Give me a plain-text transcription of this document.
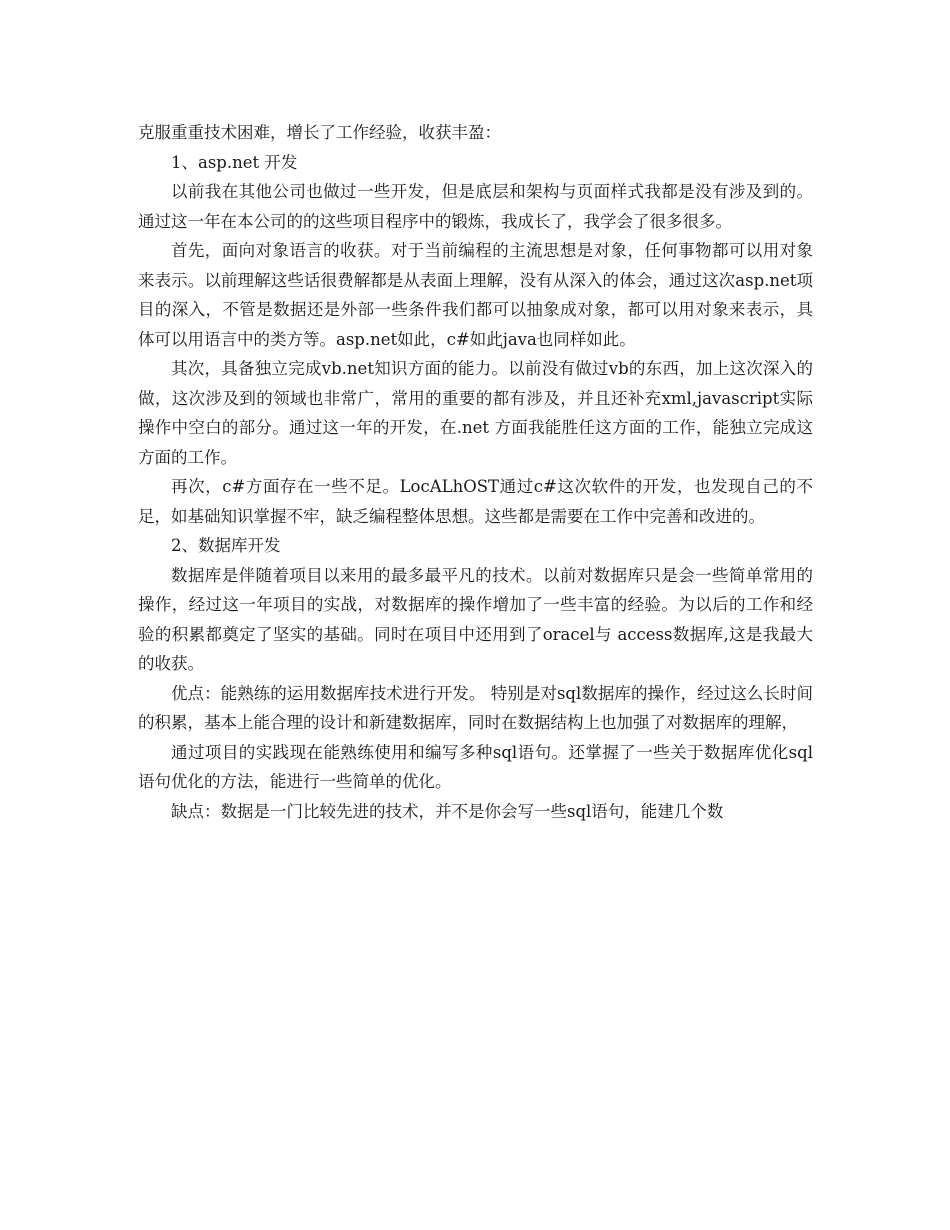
克服重重技术困难，增长了工作经验，收获丰盈：

1、asp.net 开发

以前我在其他公司也做过一些开发，但是底层和架构与页面样式我都是没有涉及到的。通过这一年在本公司的的这些项目程序中的锻炼，我成长了，我学会了很多很多。

首先，面向对象语言的收获。对于当前编程的主流思想是对象，任何事物都可以用对象来表示。以前理解这些话很费解都是从表面上理解，没有从深入的体会，通过这次asp.net项目的深入，不管是数据还是外部一些条件我们都可以抽象成对象，都可以用对象来表示，具体可以用语言中的类方等。asp.net如此，c#如此java也同样如此。

其次，具备独立完成vb.net知识方面的能力。以前没有做过vb的东西，加上这次深入的做，这次涉及到的领域也非常广，常用的重要的都有涉及，并且还补充xml,javascript实际操作中空白的部分。通过这一年的开发，在.net 方面我能胜任这方面的工作，能独立完成这方面的工作。

再次，c#方面存在一些不足。LocALhOST通过c#这次软件的开发，也发现自己的不足，如基础知识掌握不牢，缺乏编程整体思想。这些都是需要在工作中完善和改进的。

2、数据库开发

数据库是伴随着项目以来用的最多最平凡的技术。以前对数据库只是会一些简单常用的操作，经过这一年项目的实战，对数据库的操作增加了一些丰富的经验。为以后的工作和经验的积累都奠定了坚实的基础。同时在项目中还用到了oracel与 access数据库,这是我最大的收获。

优点：能熟练的运用数据库技术进行开发。 特别是对sql数据库的操作，经过这么长时间的积累，基本上能合理的设计和新建数据库，同时在数据结构上也加强了对数据库的理解，

通过项目的实践现在能熟练使用和编写多种sql语句。还掌握了一些关于数据库优化sql语句优化的方法，能进行一些简单的优化。

缺点：数据是一门比较先进的技术，并不是你会写一些sql语句，能建几个数
